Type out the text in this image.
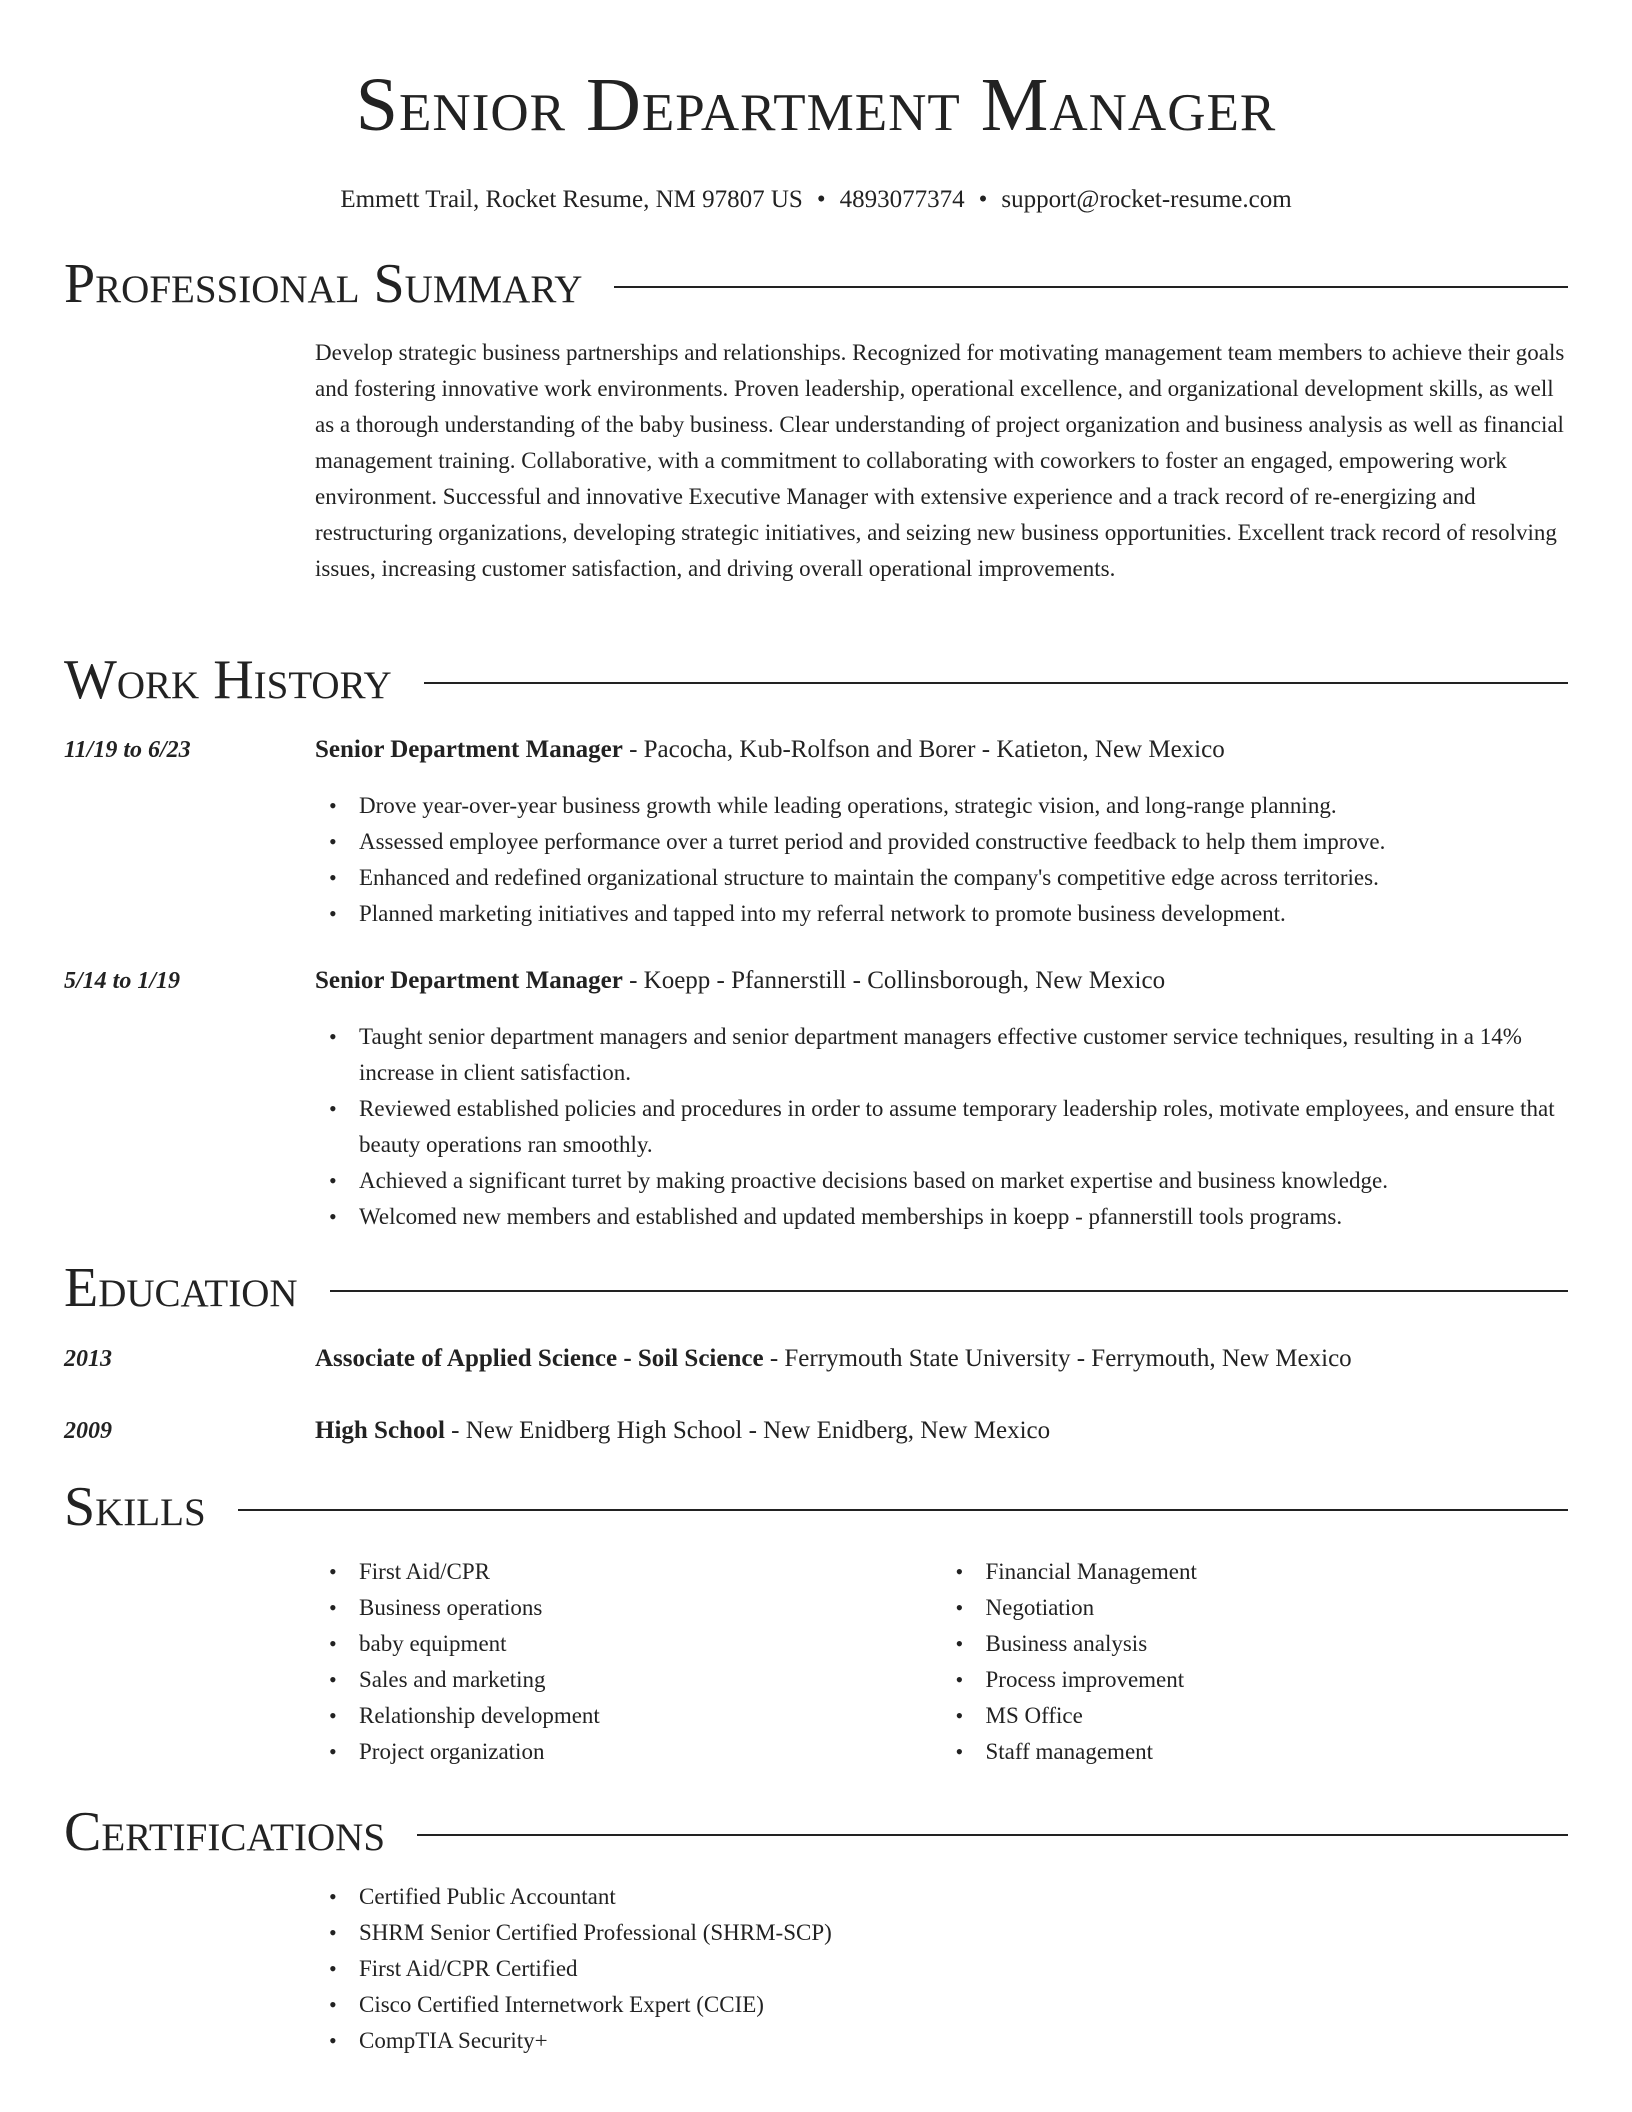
Senior Department Manager
Emmett Trail, Rocket Resume, NM 97807 US • 4893077374 • support@rocket-resume.com
Professional Summary

Develop strategic business partnerships and relationships. Recognized for motivating management team members to achieve their goals and fostering innovative work environments. Proven leadership, operational excellence, and organizational development skills, as well as a thorough understanding of the baby business. Clear understanding of project organization and business analysis as well as financial management training. Collaborative, with a commitment to collaborating with coworkers to foster an engaged, empowering work environment. Successful and innovative Executive Manager with extensive experience and a track record of re-energizing and restructuring organizations, developing strategic initiatives, and seizing new business opportunities. Excellent track record of resolving issues, increasing customer satisfaction, and driving overall operational improvements.

Work History
11/19 to 6/23	Senior Department Manager - Pacocha, Kub-Rolfson and Borer - Katieton, New Mexico
• Drove year-over-year business growth while leading operations, strategic vision, and long-range planning.
• Assessed employee performance over a turret period and provided constructive feedback to help them improve.
• Enhanced and redefined organizational structure to maintain the company's competitive edge across territories.
• Planned marketing initiatives and tapped into my referral network to promote business development.
5/14 to 1/19	Senior Department Manager - Koepp - Pfannerstill - Collinsborough, New Mexico
• Taught senior department managers and senior department managers effective customer service techniques, resulting in a 14% increase in client satisfaction.
• Reviewed established policies and procedures in order to assume temporary leadership roles, motivate employees, and ensure that beauty operations ran smoothly.
• Achieved a significant turret by making proactive decisions based on market expertise and business knowledge.
• Welcomed new members and established and updated memberships in koepp - pfannerstill tools programs.
Education
2013	Associate of Applied Science - Soil Science - Ferrymouth State University - Ferrymouth, New Mexico
2009	High School - New Enidberg High School - New Enidberg, New Mexico
Skills
• First Aid/CPR
• Business operations
• baby equipment
• Sales and marketing
• Relationship development
• Project organization
• Financial Management
• Negotiation
• Business analysis
• Process improvement
• MS Office
• Staff management
Certifications
• Certified Public Accountant
• SHRM Senior Certified Professional (SHRM-SCP)
• First Aid/CPR Certified
• Cisco Certified Internetwork Expert (CCIE)
• CompTIA Security+
